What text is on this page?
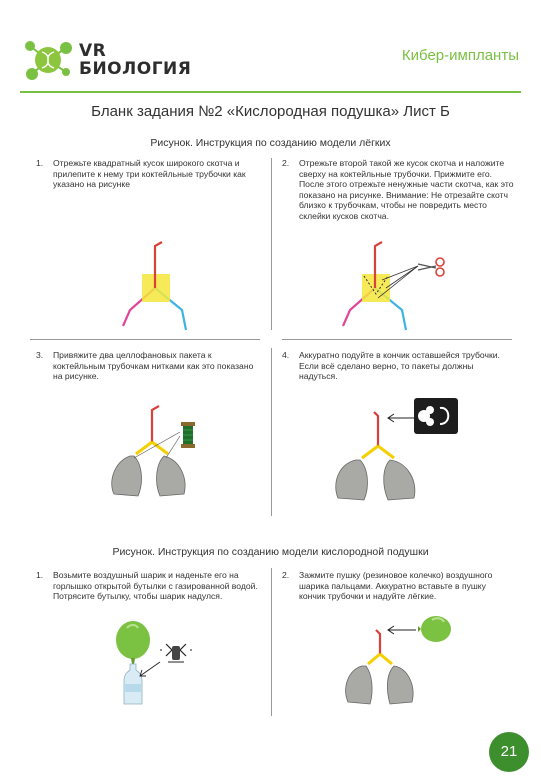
VR
БИОЛОГИЯ
Кибер-импланты
Бланк задания №2 «Кислородная подушка» Лист Б
Рисунок. Инструкция по созданию модели лёгких
1. Отрежьте квадратный кусок широкого скотча и прилепите к нему три коктейльные трубочки как указано на рисунке
2. Отрежьте второй такой же кусок скотча и наложите сверху на коктейльные трубочки. Прижмите его. После этого отрежьте ненужные части скотча, как это показано на рисунке. Внимание: Не отрезайте скотч близко к трубочкам, чтобы не повредить место склейки кусков скотча.
3. Привяжите два целлофановых пакета к коктейльным трубочкам нитками как это показано на рисунке.
4. Аккуратно подуйте в кончик оставшейся трубочки. Если всё сделано верно, то пакеты должны надуться.
Рисунок. Инструкция по созданию модели кислородной подушки
1. Возьмите воздушный шарик и наденьте его на горлышко открытой бутылки с газированной водой. Потрясите бутылку, чтобы шарик надулся.
2. Зажмите пушку (резиновое колечко) воздушного шарика пальцами. Аккуратно вставьте в пушку кончик трубочки и надуйте лёгкие.
21
